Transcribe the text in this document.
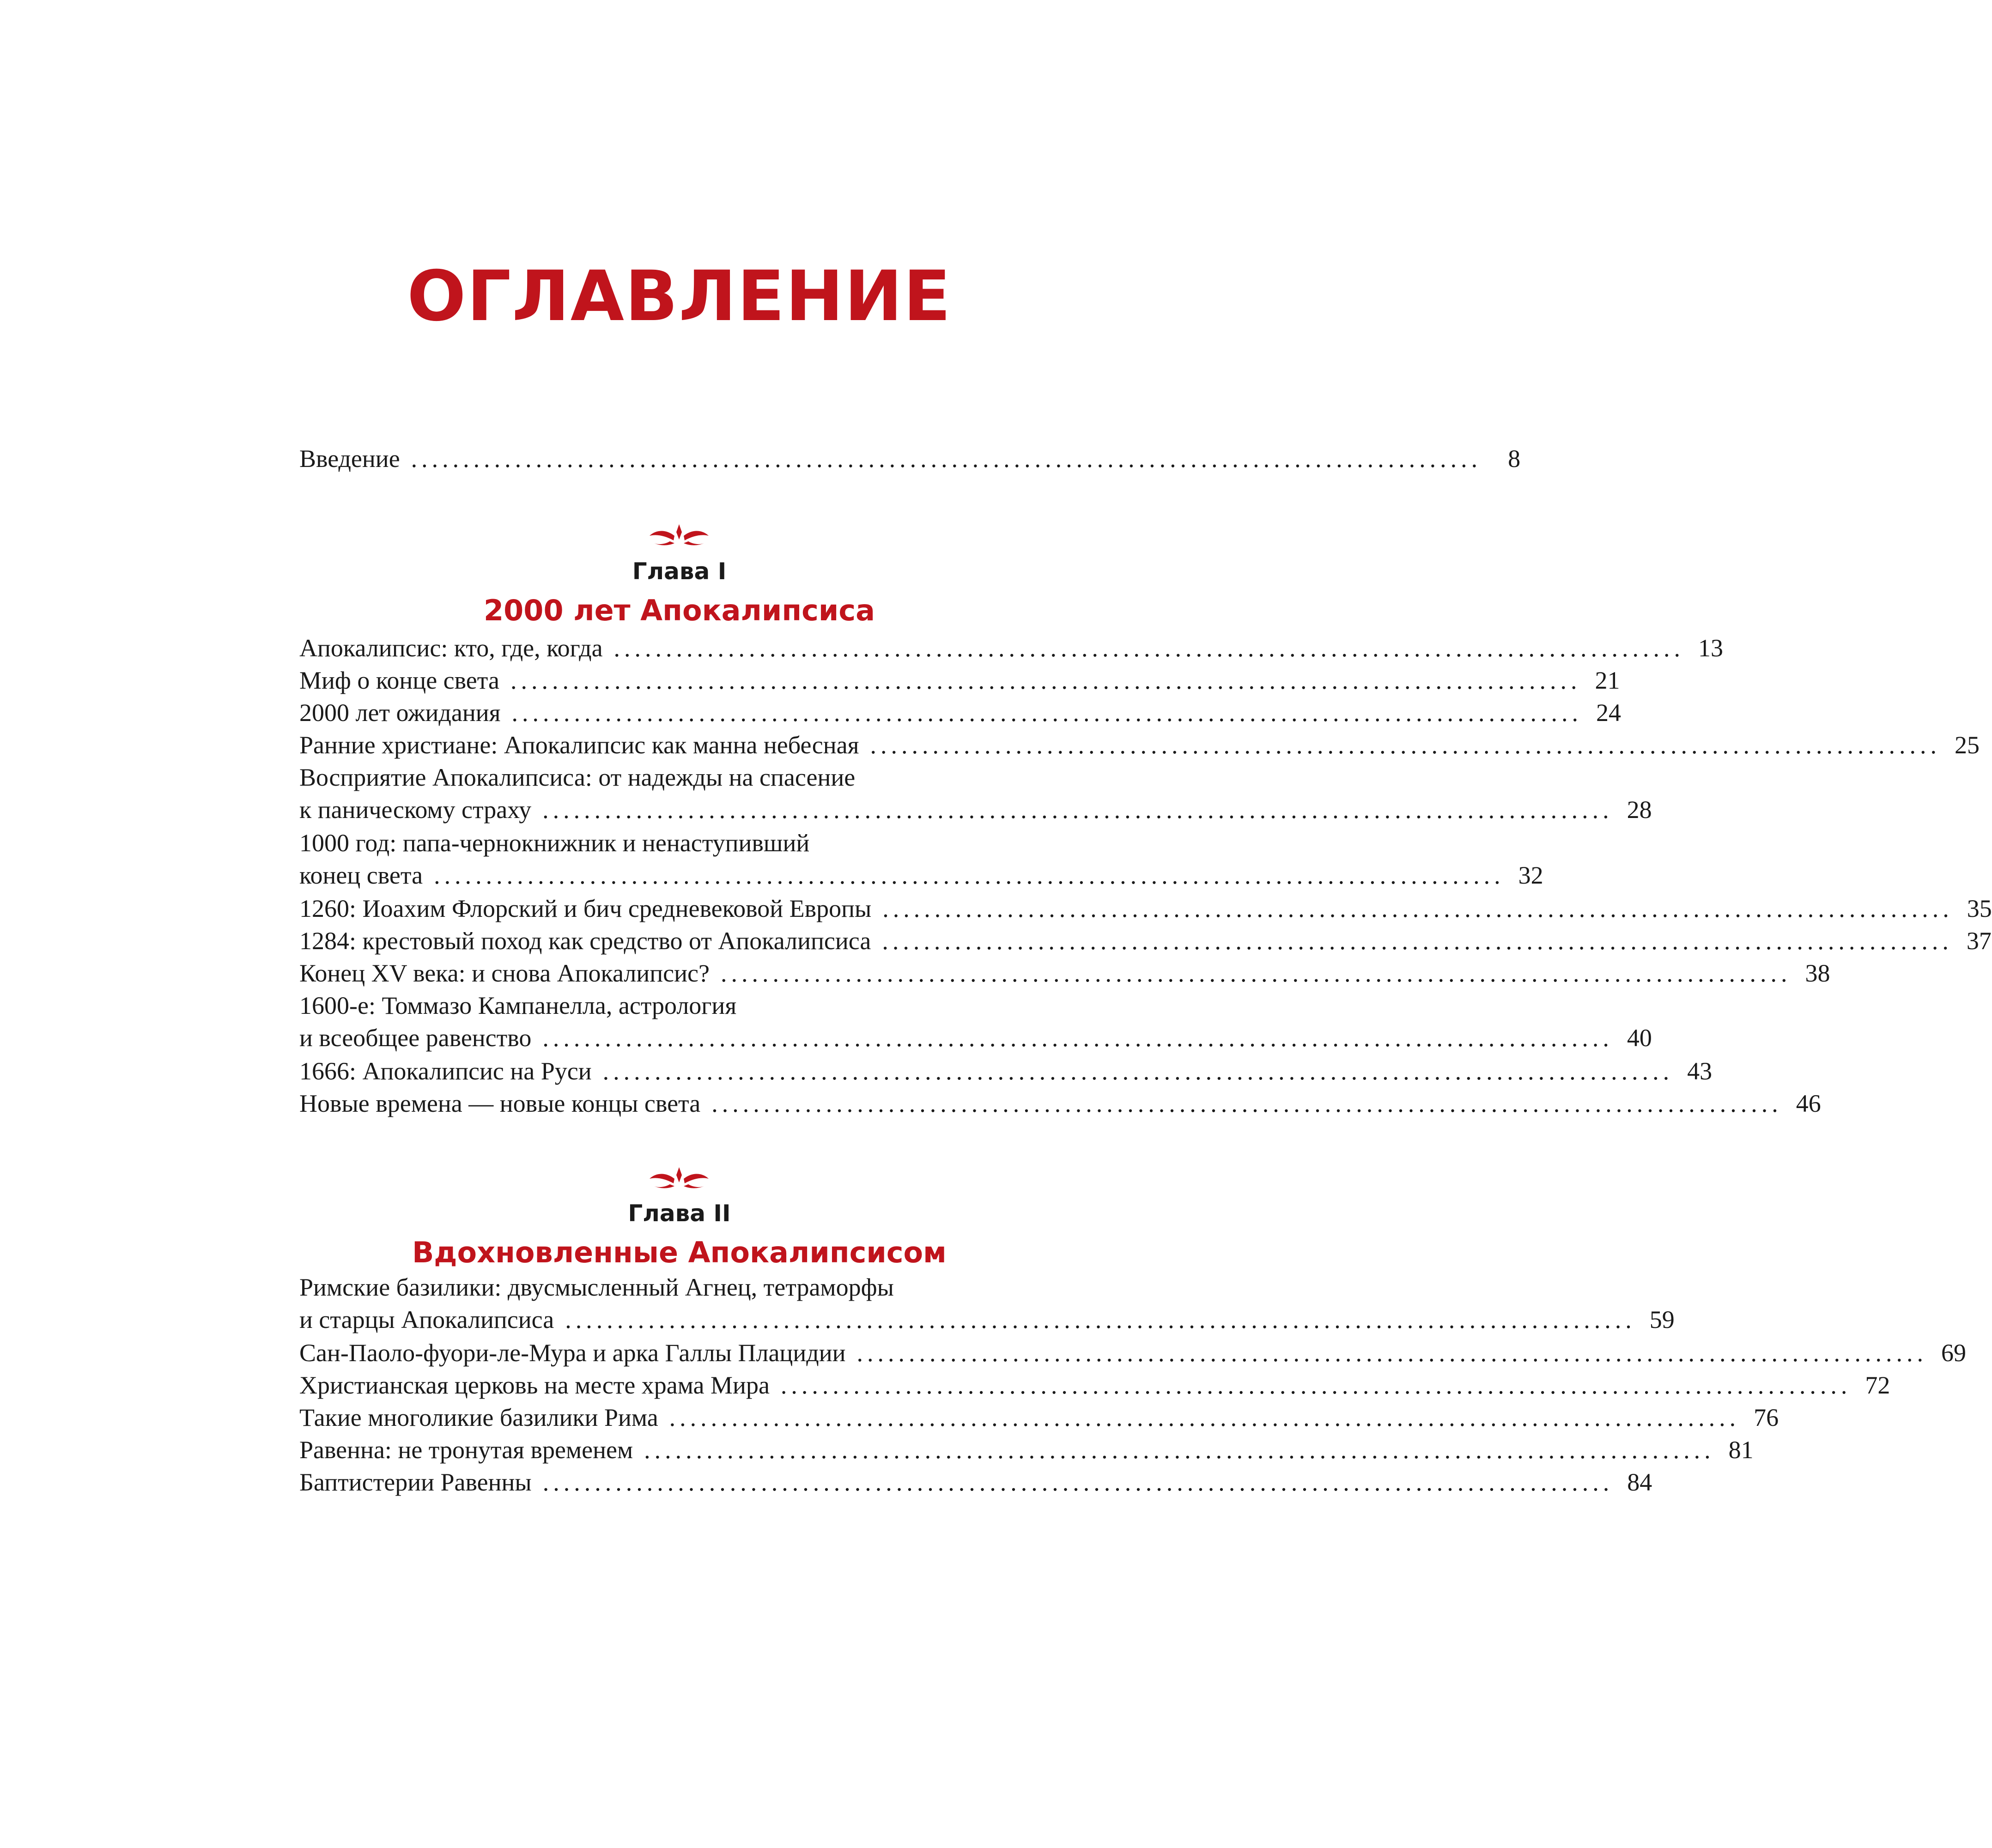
ОГЛАВЛЕНИЕ
Введение .......................................................................................................	8
Глава I
2000 лет Апокалипсиса
Апокалипсис: кто, где, когда ....................................................................................................... 13
Миф о конце света ....................................................................................................... 21
2000 лет ожидания ....................................................................................................... 24
Ранние христиане: Апокалипсис как манна небесная ....................................................................................................... 25
Восприятие Апокалипсиса: от надежды на спасение
к паническому страху ....................................................................................................... 28
1000 год: папа-чернокнижник и ненаступивший
конец света ....................................................................................................... 32
1260: Иоахим Флорский и бич средневековой Европы ....................................................................................................... 35
1284: крестовый поход как средство от Апокалипсиса ....................................................................................................... 37
Конец XV века: и снова Апокалипсис? ....................................................................................................... 38
1600-е: Томмазо Кампанелла, астрология
и всеобщее равенство ....................................................................................................... 40
1666: Апокалипсис на Руси ....................................................................................................... 43
Новые времена — новые концы света ....................................................................................................... 46
Глава II
Вдохновленные Апокалипсисом
Римские базилики: двусмысленный Агнец, тетраморфы
и старцы Апокалипсиса ....................................................................................................... 59
Сан-Паоло-фуори-ле-Мура и арка Галлы Плацидии ....................................................................................................... 69
Христианская церковь на месте храма Мира ....................................................................................................... 72
Такие многоликие базилики Рима ....................................................................................................... 76
Равенна: не тронутая временем ....................................................................................................... 81
Баптистерии Равенны ....................................................................................................... 84
